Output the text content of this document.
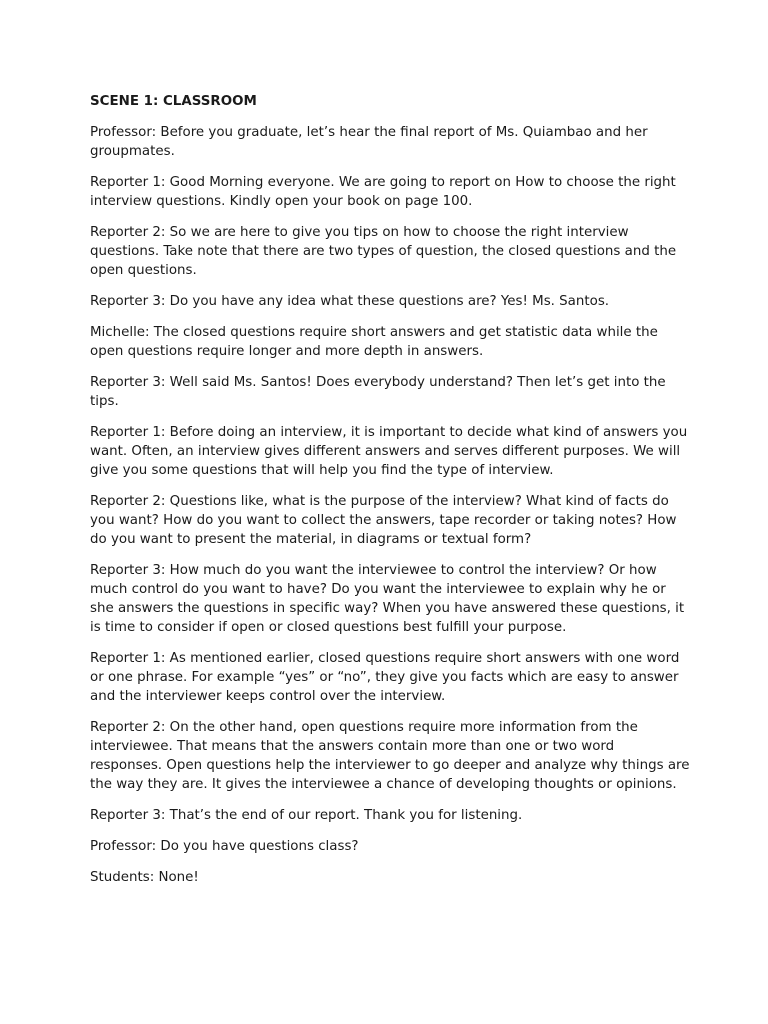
SCENE 1: CLASSROOM

Professor: Before you graduate, let’s hear the final report of Ms. Quiambao and her groupmates.

Reporter 1: Good Morning everyone. We are going to report on How to choose the right interview questions. Kindly open your book on page 100.

Reporter 2: So we are here to give you tips on how to choose the right interview questions. Take note that there are two types of question, the closed questions and the open questions.

Reporter 3: Do you have any idea what these questions are? Yes! Ms. Santos.

Michelle: The closed questions require short answers and get statistic data while the open questions require longer and more depth in answers.

Reporter 3: Well said Ms. Santos! Does everybody understand? Then let’s get into the tips.

Reporter 1: Before doing an interview, it is important to decide what kind of answers you want. Often, an interview gives different answers and serves different purposes. We will give you some questions that will help you find the type of interview.

Reporter 2: Questions like, what is the purpose of the interview? What kind of facts do you want? How do you want to collect the answers, tape recorder or taking notes? How do you want to present the material, in diagrams or textual form?

Reporter 3: How much do you want the interviewee to control the interview? Or how much control do you want to have? Do you want the interviewee to explain why he or she answers the questions in specific way? When you have answered these questions, it is time to consider if open or closed questions best fulfill your purpose.

Reporter 1: As mentioned earlier, closed questions require short answers with one word or one phrase. For example “yes” or “no”, they give you facts which are easy to answer and the interviewer keeps control over the interview.

Reporter 2: On the other hand, open questions require more information from the interviewee. That means that the answers contain more than one or two word responses. Open questions help the interviewer to go deeper and analyze why things are the way they are. It gives the interviewee a chance of developing thoughts or opinions.

Reporter 3: That’s the end of our report. Thank you for listening.

Professor: Do you have questions class?

Students: None!
